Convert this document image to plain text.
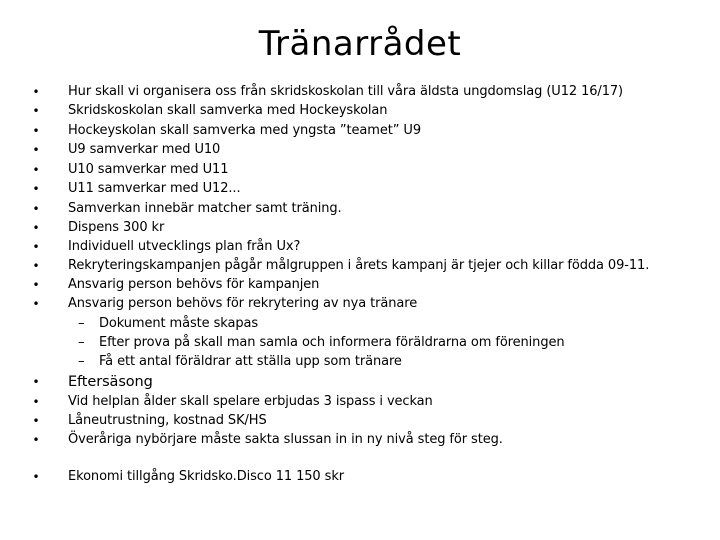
Tränarrådet
• Hur skall vi organisera oss från skridskoskolan till våra äldsta ungdomslag (U12 16/17)
• Skridskoskolan skall samverka med Hockeyskolan
• Hockeyskolan skall samverka med yngsta ”teamet” U9
• U9 samverkar med U10
• U10 samverkar med U11
• U11 samverkar med U12...
• Samverkan innebär matcher samt träning.
• Dispens 300 kr
• Individuell utvecklings plan från Ux?
• Rekryteringskampanjen pågår målgruppen i årets kampanj är tjejer och killar födda 09-11.
• Ansvarig person behövs för kampanjen
• Ansvarig person behövs för rekrytering av nya tränare
– Dokument måste skapas
– Efter prova på skall man samla och informera föräldrarna om föreningen
– Få ett antal föräldrar att ställa upp som tränare
• Eftersäsong
• Vid helplan ålder skall spelare erbjudas 3 ispass i veckan
• Låneutrustning, kostnad SK/HS
• Överåriga nybörjare måste sakta slussan in in ny nivå steg för steg.
• Ekonomi tillgång Skridsko.Disco 11 150 skr
